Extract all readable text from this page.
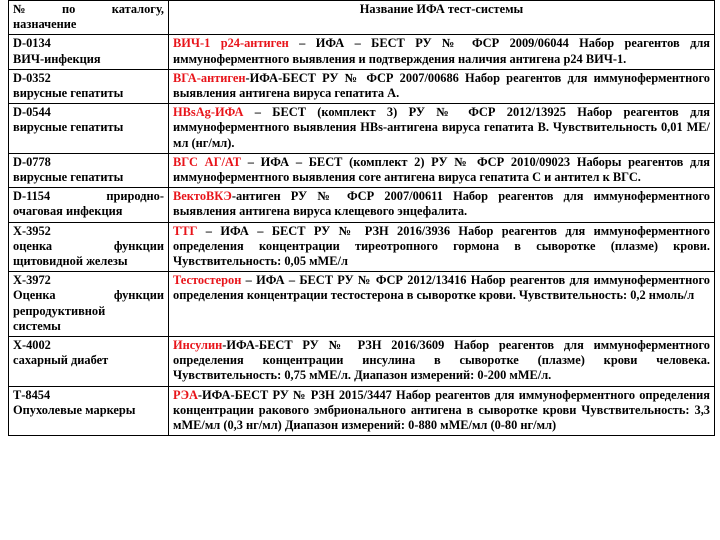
№ по каталогу,
назначение	Название ИФА тест-системы

D-0134
ВИЧ-инфекция	ВИЧ-1 р24-антиген – ИФА – БЕСТ РУ № ФСР 2009/06044 Набор реагентов для иммуноферментного выявления и подтверждения наличия антигена р24 ВИЧ-1.

D-0352
вирусные гепатиты	ВГА-антиген-ИФА-БЕСТ РУ № ФСР 2007/00686 Набор реагентов для иммуноферментного выявления антигена вируса гепатита А.

D-0544
вирусные гепатиты	HBsAg-ИФА – БЕСТ (комплект 3) РУ № ФСР 2012/13925 Набор реагентов для иммуноферментного выявления HBs-антигена вируса гепатита В. Чувствительность 0,01 МЕ/мл (нг/мл).

D-0778
вирусные гепатиты	ВГС АГ/АТ – ИФА – БЕСТ (комплект 2) РУ № ФСР 2010/09023 Наборы реагентов для иммуноферментного выявления core антигена вируса гепатита С и антител к ВГС.

D-1154 природно-
очаговая инфекция	ВектоВКЭ-антиген РУ № ФСР 2007/00611 Набор реагентов для иммуноферментного выявления антигена вируса клещевого энцефалита.

Х-3952
оценка функции
щитовидной железы	ТТГ – ИФА – БЕСТ РУ № РЗН 2016/3936 Набор реагентов для иммуноферментного определения концентрации тиреотропного гормона в сыворотке (плазме) крови. Чувствительность: 0,05 мМЕ/л

Х-3972
Оценка функции
репродуктивной
системы	Тестостерон – ИФА – БЕСТ РУ № ФСР 2012/13416 Набор реагентов для иммуноферментного определения концентрации тестостерона в сыворотке крови. Чувствительность: 0,2 нмоль/л

Х-4002
сахарный диабет	Инсулин-ИФА-БЕСТ РУ № РЗН 2016/3609 Набор реагентов для иммуноферментного определения концентрации инсулина в сыворотке (плазме) крови человека. Чувствительность: 0,75 мМЕ/л. Диапазон измерений: 0-200 мМЕ/л.

Т-8454
Опухолевые маркеры	РЭА-ИФА-БЕСТ РУ № РЗН 2015/3447 Набор реагентов для иммуноферментного определения концентрации ракового эмбрионального антигена в сыворотке крови Чувствительность: 3,3 мМЕ/мл (0,3 нг/мл) Диапазон измерений: 0-880 мМЕ/мл (0-80 нг/мл)
